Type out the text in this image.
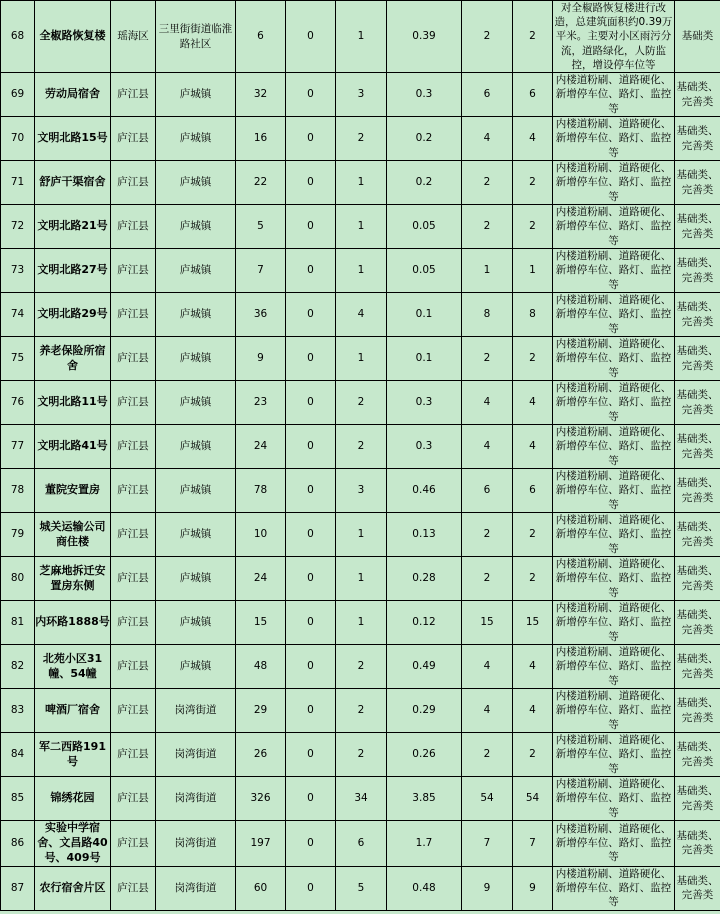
68	全椒路恢复楼	瑶海区	三里街街道临淮路社区	6	0	1	0.39	2	2	对全椒路恢复楼进行改造，总建筑面积约0.39万平米。主要对小区雨污分流，道路绿化，人防监控，增设停车位等	基础类
69	劳动局宿舍	庐江县	庐城镇	32	0	3	0.3	6	6	内楼道粉刷、道路硬化、新增停车位、路灯、监控等	基础类、完善类
70	文明北路15号	庐江县	庐城镇	16	0	2	0.2	4	4	内楼道粉刷、道路硬化、新增停车位、路灯、监控等	基础类、完善类
71	舒庐干渠宿舍	庐江县	庐城镇	22	0	1	0.2	2	2	内楼道粉刷、道路硬化、新增停车位、路灯、监控等	基础类、完善类
72	文明北路21号	庐江县	庐城镇	5	0	1	0.05	2	2	内楼道粉刷、道路硬化、新增停车位、路灯、监控等	基础类、完善类
73	文明北路27号	庐江县	庐城镇	7	0	1	0.05	1	1	内楼道粉刷、道路硬化、新增停车位、路灯、监控等	基础类、完善类
74	文明北路29号	庐江县	庐城镇	36	0	4	0.1	8	8	内楼道粉刷、道路硬化、新增停车位、路灯、监控等	基础类、完善类
75	养老保险所宿舍	庐江县	庐城镇	9	0	1	0.1	2	2	内楼道粉刷、道路硬化、新增停车位、路灯、监控等	基础类、完善类
76	文明北路11号	庐江县	庐城镇	23	0	2	0.3	4	4	内楼道粉刷、道路硬化、新增停车位、路灯、监控等	基础类、完善类
77	文明北路41号	庐江县	庐城镇	24	0	2	0.3	4	4	内楼道粉刷、道路硬化、新增停车位、路灯、监控等	基础类、完善类
78	董院安置房	庐江县	庐城镇	78	0	3	0.46	6	6	内楼道粉刷、道路硬化、新增停车位、路灯、监控等	基础类、完善类
79	城关运输公司商住楼	庐江县	庐城镇	10	0	1	0.13	2	2	内楼道粉刷、道路硬化、新增停车位、路灯、监控等	基础类、完善类
80	芝麻地拆迁安置房东侧	庐江县	庐城镇	24	0	1	0.28	2	2	内楼道粉刷、道路硬化、新增停车位、路灯、监控等	基础类、完善类
81	内环路1888号	庐江县	庐城镇	15	0	1	0.12	15	15	内楼道粉刷、道路硬化、新增停车位、路灯、监控等	基础类、完善类
82	北苑小区31幢、54幢	庐江县	庐城镇	48	0	2	0.49	4	4	内楼道粉刷、道路硬化、新增停车位、路灯、监控等	基础类、完善类
83	啤酒厂宿舍	庐江县	岗湾街道	29	0	2	0.29	4	4	内楼道粉刷、道路硬化、新增停车位、路灯、监控等	基础类、完善类
84	军二西路191号	庐江县	岗湾街道	26	0	2	0.26	2	2	内楼道粉刷、道路硬化、新增停车位、路灯、监控等	基础类、完善类
85	锦绣花园	庐江县	岗湾街道	326	0	34	3.85	54	54	内楼道粉刷、道路硬化、新增停车位、路灯、监控等	基础类、完善类
86	实验中学宿舍、文昌路40号、409号	庐江县	岗湾街道	197	0	6	1.7	7	7	内楼道粉刷、道路硬化、新增停车位、路灯、监控等	基础类、完善类
87	农行宿舍片区	庐江县	岗湾街道	60	0	5	0.48	9	9	内楼道粉刷、道路硬化、新增停车位、路灯、监控等	基础类、完善类
